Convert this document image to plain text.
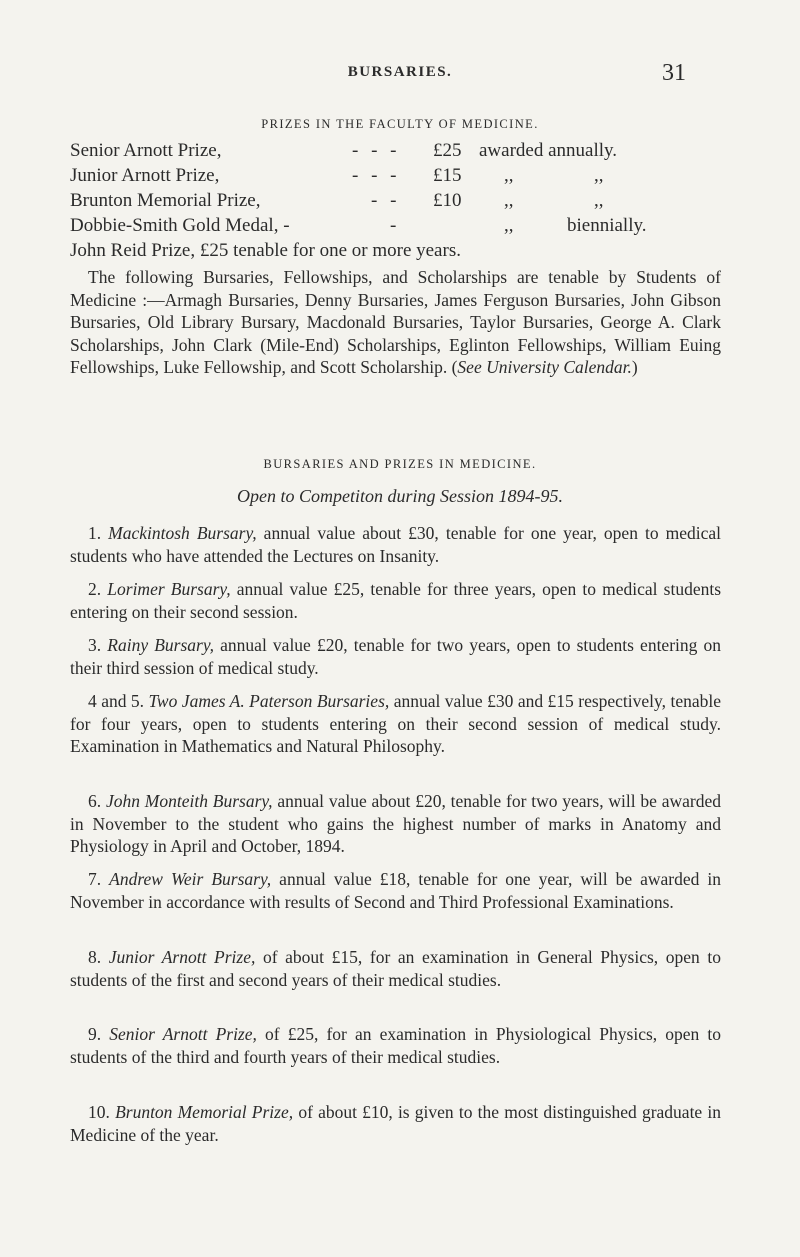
BURSARIES.	31
PRIZES IN THE FACULTY OF MEDICINE.
Senior Arnott Prize,	- - - £25 awarded annually.
Junior Arnott Prize,	- - - £15 ,,	,,
Brunton Memorial Prize,	- - £10 ,,	,,
Dobbie-Smith Gold Medal, -	-	,,	biennially.
John Reid Prize, £25 tenable for one or more years.

The following Bursaries, Fellowships, and Scholarships are tenable by Students of Medicine :—Armagh Bursaries, Denny Bursaries, James Ferguson Bursaries, John Gibson Bursaries, Old Library Bursary, Macdonald Bursaries, Taylor Bursaries, George A. Clark Scholarships, John Clark (Mile-End) Scholarships, Eglinton Fellowships, William Euing Fellowships, Luke Fellowship, and Scott Scholarship. (See University Calendar.)

BURSARIES AND PRIZES IN MEDICINE.
Open to Competiton during Session 1894-95.

1. Mackintosh Bursary, annual value about £30, tenable for one year, open to medical students who have attended the Lectures on Insanity.

2. Lorimer Bursary, annual value £25, tenable for three years, open to medical students entering on their second session.

3. Rainy Bursary, annual value £20, tenable for two years, open to students entering on their third session of medical study.

4 and 5. Two James A. Paterson Bursaries, annual value £30 and £15 respectively, tenable for four years, open to students entering on their second session of medical study. Examination in Mathematics and Natural Philosophy.

6. John Monteith Bursary, annual value about £20, tenable for two years, will be awarded in November to the student who gains the highest number of marks in Anatomy and Physiology in April and October, 1894.

7. Andrew Weir Bursary, annual value £18, tenable for one year, will be awarded in November in accordance with results of Second and Third Professional Examinations.

8. Junior Arnott Prize, of about £15, for an examination in General Physics, open to students of the first and second years of their medical studies.

9. Senior Arnott Prize, of £25, for an examination in Physiological Physics, open to students of the third and fourth years of their medical studies.

10. Brunton Memorial Prize, of about £10, is given to the most distinguished graduate in Medicine of the year.
